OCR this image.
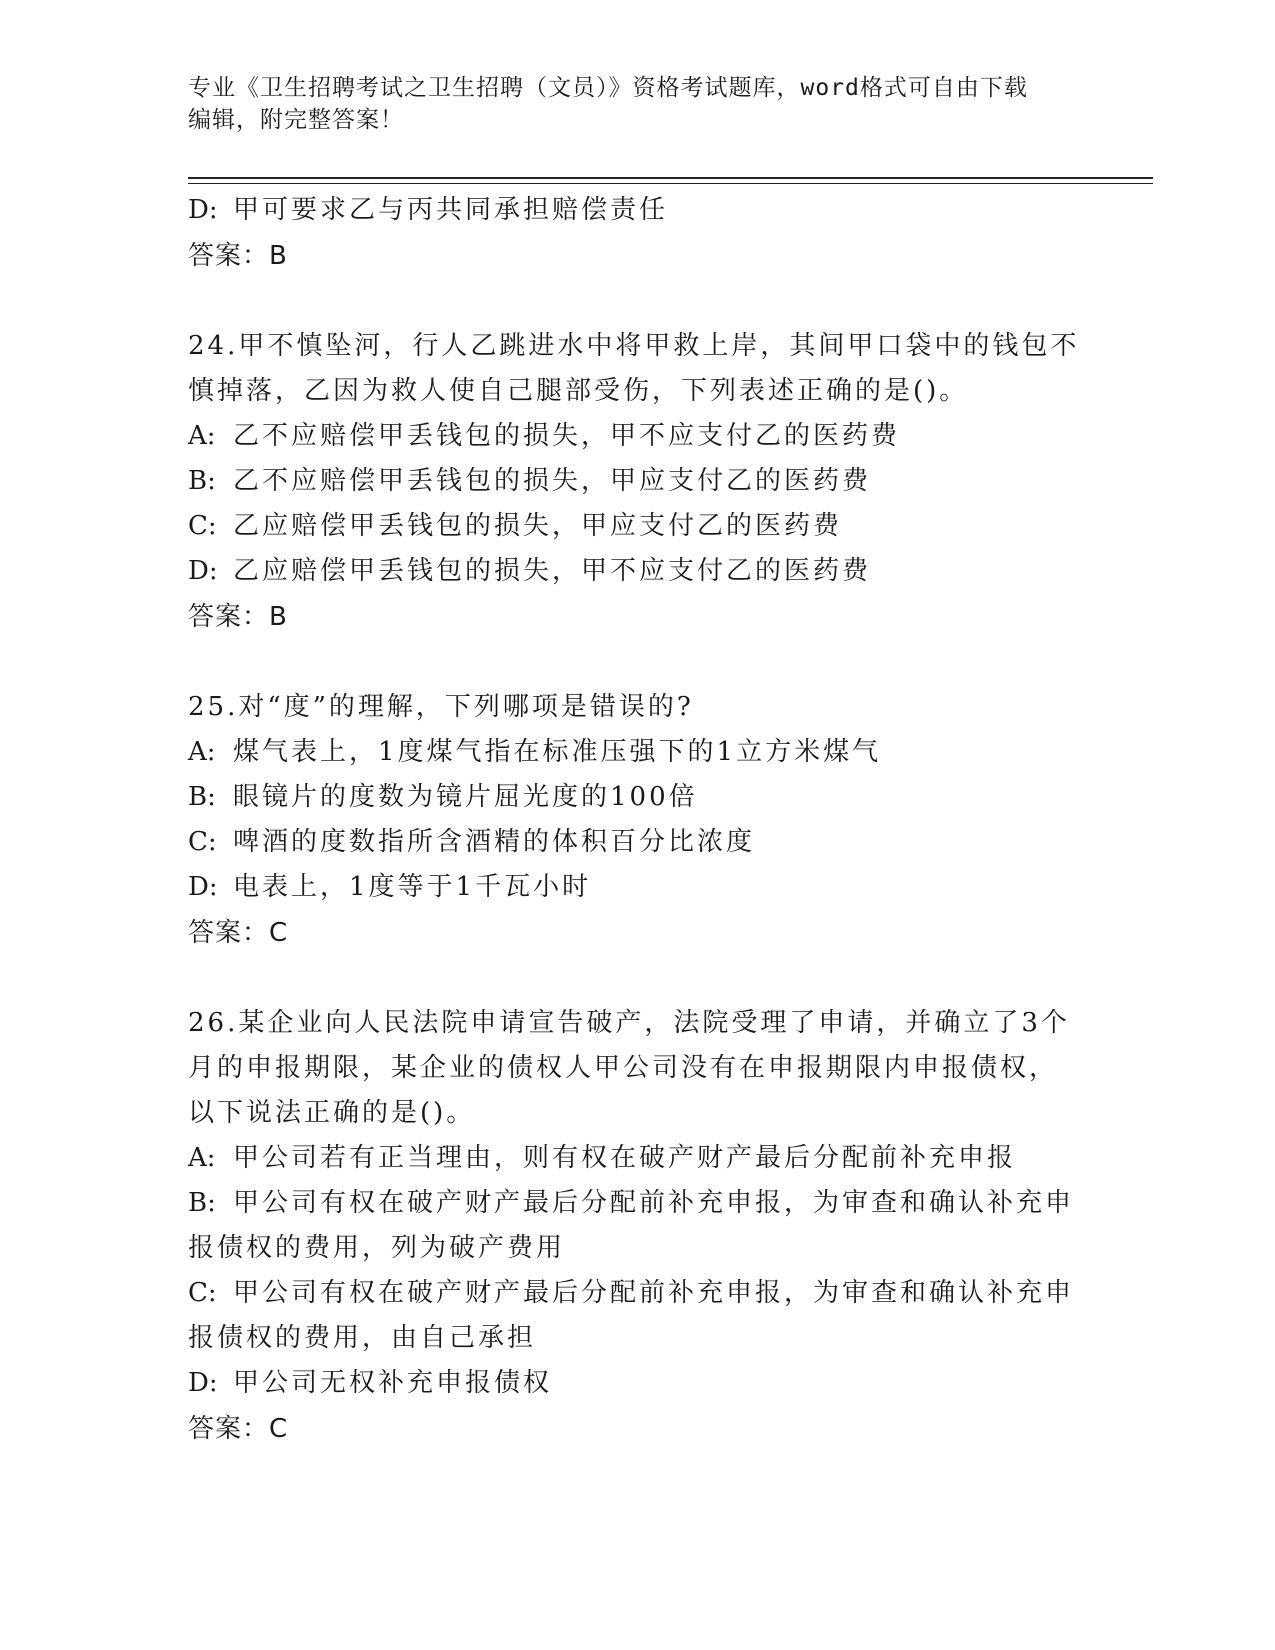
专业《卫生招聘考试之卫生招聘（文员）》资格考试题库，word格式可自由下载
编辑，附完整答案！
D: 甲可要求乙与丙共同承担赔偿责任
答案：B
24.甲不慎坠河，行人乙跳进水中将甲救上岸，其间甲口袋中的钱包不
慎掉落，乙因为救人使自己腿部受伤，下列表述正确的是()。
A: 乙不应赔偿甲丢钱包的损失，甲不应支付乙的医药费
B: 乙不应赔偿甲丢钱包的损失，甲应支付乙的医药费
C: 乙应赔偿甲丢钱包的损失，甲应支付乙的医药费
D: 乙应赔偿甲丢钱包的损失，甲不应支付乙的医药费
答案：B
25.对“度”的理解，下列哪项是错误的?
A: 煤气表上，1度煤气指在标准压强下的1立方米煤气
B: 眼镜片的度数为镜片屈光度的100倍
C: 啤酒的度数指所含酒精的体积百分比浓度
D: 电表上，1度等于1千瓦小时
答案：C
26.某企业向人民法院申请宣告破产，法院受理了申请，并确立了3个
月的申报期限，某企业的债权人甲公司没有在申报期限内申报债权，
以下说法正确的是()。
A: 甲公司若有正当理由，则有权在破产财产最后分配前补充申报
B: 甲公司有权在破产财产最后分配前补充申报，为审查和确认补充申
报债权的费用，列为破产费用
C: 甲公司有权在破产财产最后分配前补充申报，为审查和确认补充申
报债权的费用，由自己承担
D: 甲公司无权补充申报债权
答案：C
